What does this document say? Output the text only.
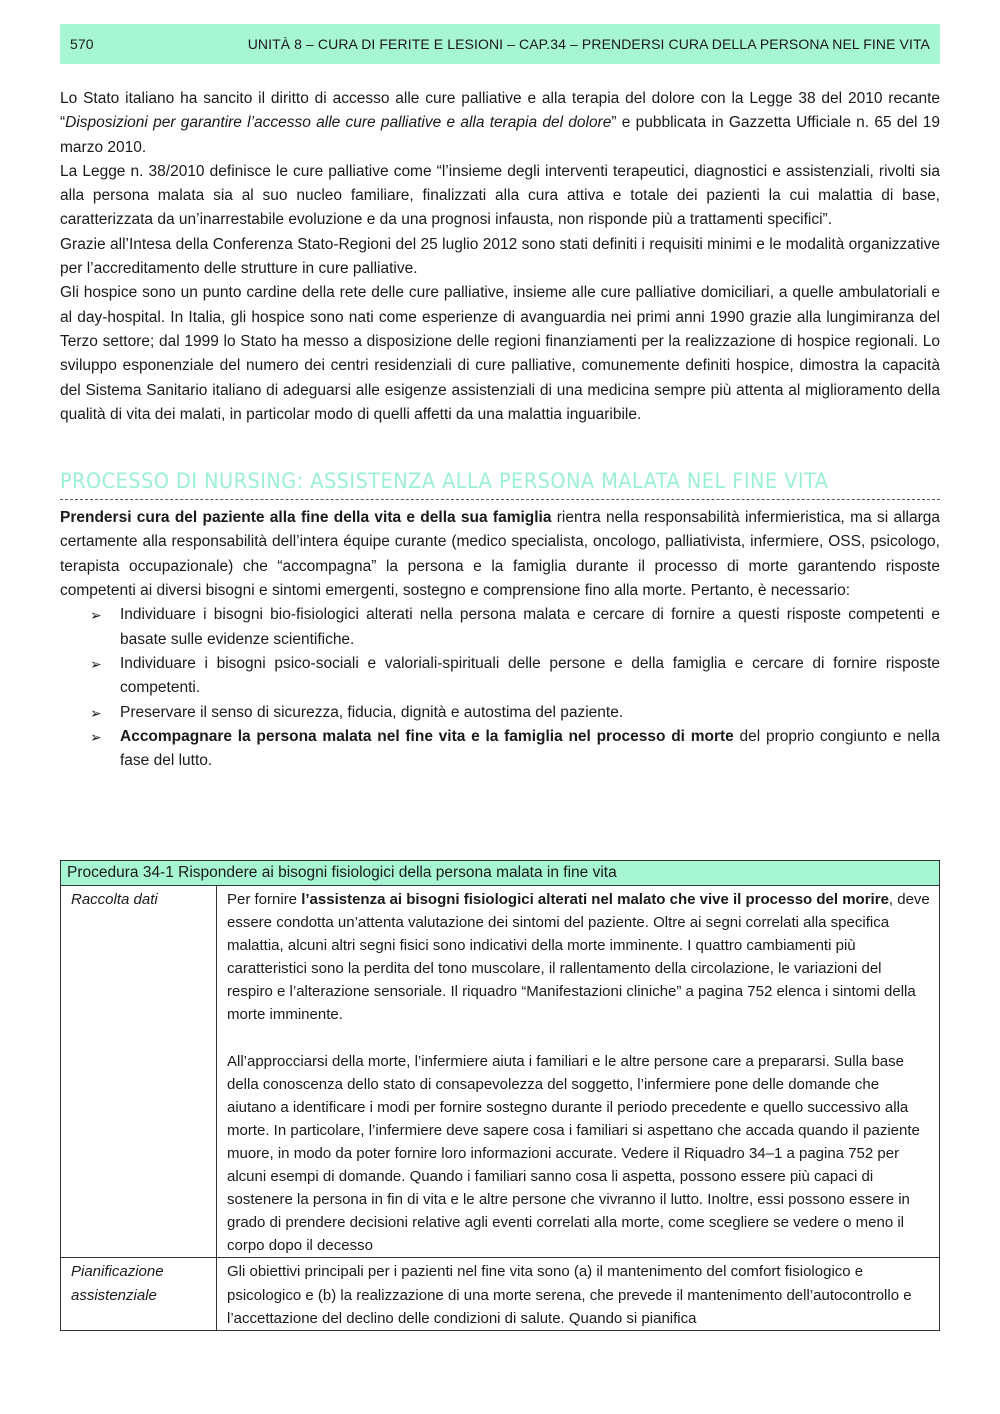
570	UNITÀ 8 – CURA DI FERITE E LESIONI – CAP.34 – PRENDERSI CURA DELLA PERSONA NEL FINE VITA

Lo Stato italiano ha sancito il diritto di accesso alle cure palliative e alla terapia del dolore con la Legge 38 del 2010 recante “Disposizioni per garantire l’accesso alle cure palliative e alla terapia del dolore” e pubblicata in Gazzetta Ufficiale n. 65 del 19 marzo 2010.

La Legge n. 38/2010 definisce le cure palliative come “l’insieme degli interventi terapeutici, diagnostici e assistenziali, rivolti sia alla persona malata sia al suo nucleo familiare, finalizzati alla cura attiva e totale dei pazienti la cui malattia di base, caratterizzata da un’inarrestabile evoluzione e da una prognosi infausta, non risponde più a trattamenti specifici”.

Grazie all’Intesa della Conferenza Stato-Regioni del 25 luglio 2012 sono stati definiti i requisiti minimi e le modalità organizzative per l’accreditamento delle strutture in cure palliative.

Gli hospice sono un punto cardine della rete delle cure palliative, insieme alle cure palliative domiciliari, a quelle ambulatoriali e al day-hospital. In Italia, gli hospice sono nati come esperienze di avanguardia nei primi anni 1990 grazie alla lungimiranza del Terzo settore; dal 1999 lo Stato ha messo a disposizione delle regioni finanziamenti per la realizzazione di hospice regionali. Lo sviluppo esponenziale del numero dei centri residenziali di cure palliative, comunemente definiti hospice, dimostra la capacità del Sistema Sanitario italiano di adeguarsi alle esigenze assistenziali di una medicina sempre più attenta al miglioramento della qualità di vita dei malati, in particolar modo di quelli affetti da una malattia inguaribile.

PROCESSO DI NURSING: ASSISTENZA ALLA PERSONA MALATA NEL FINE VITA

Prendersi cura del paziente alla fine della vita e della sua famiglia rientra nella responsabilità infermieristica, ma si allarga certamente alla responsabilità dell’intera équipe curante (medico specialista, oncologo, palliativista, infermiere, OSS, psicologo, terapista occupazionale) che “accompagna” la persona e la famiglia durante il processo di morte garantendo risposte competenti ai diversi bisogni e sintomi emergenti, sostegno e comprensione fino alla morte. Pertanto, è necessario:

➢ Individuare i bisogni bio-fisiologici alterati nella persona malata e cercare di fornire a questi risposte competenti e basate sulle evidenze scientifiche.
➢ Individuare i bisogni psico-sociali e valoriali-spirituali delle persone e della famiglia e cercare di fornire risposte competenti.
➢ Preservare il senso di sicurezza, fiducia, dignità e autostima del paziente.
➢ Accompagnare la persona malata nel fine vita e la famiglia nel processo di morte del proprio congiunto e nella fase del lutto.
Procedura 34-1 Rispondere ai bisogni fisiologici della persona malata in fine vita	
Raccolta dati	Per fornire l’assistenza ai bisogni fisiologici alterati nel malato che vive il processo del morire, deve essere condotta un’attenta valutazione dei sintomi del paziente. Oltre ai segni correlati alla specifica malattia, alcuni altri segni fisici sono indicativi della morte imminente. I quattro cambiamenti più caratteristici sono la perdita del tono muscolare, il rallentamento della circolazione, le variazioni del respiro e l’alterazione sensoriale. Il riquadro “Manifestazioni cliniche” a pagina 752 elenca i sintomi della morte imminente.

All’approcciarsi della morte, l’infermiere aiuta i familiari e le altre persone care a prepararsi. Sulla base della conoscenza dello stato di consapevolezza del soggetto, l’infermiere pone delle domande che aiutano a identificare i modi per fornire sostegno durante il periodo precedente e quello successivo alla morte. In particolare, l’infermiere deve sapere cosa i familiari si aspettano che accada quando il paziente muore, in modo da poter fornire loro informazioni accurate. Vedere il Riquadro 34–1 a pagina 752 per alcuni esempi di domande. Quando i familiari sanno cosa li aspetta, possono essere più capaci di sostenere la persona in fin di vita e le altre persone che vivranno il lutto. Inoltre, essi possono essere in grado di prendere decisioni relative agli eventi correlati alla morte, come scegliere se vedere o meno il corpo dopo il decesso

Pianificazione assistenziale	Gli obiettivi principali per i pazienti nel fine vita sono (a) il mantenimento del comfort fisiologico e psicologico e (b) la realizzazione di una morte serena, che prevede il mantenimento dell’autocontrollo e l’accettazione del declino delle condizioni di salute. Quando si pianifica
